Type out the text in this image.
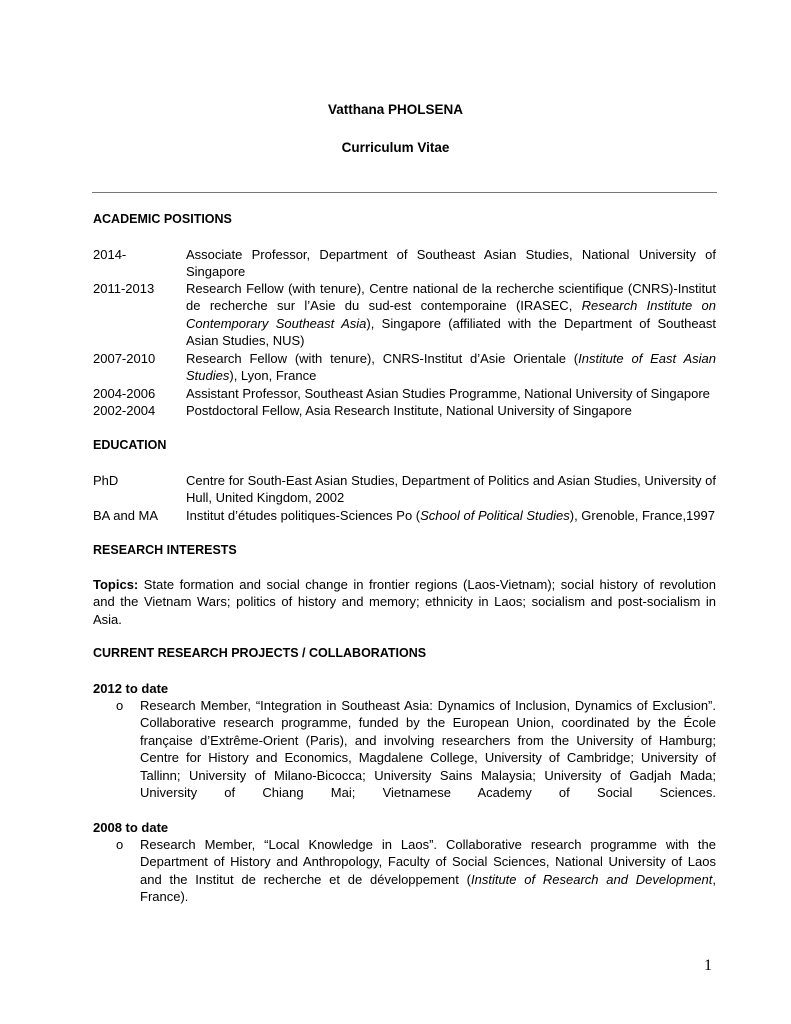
Vatthana PHOLSENA
Curriculum Vitae
ACADEMIC POSITIONS
2014-	Associate Professor, Department of Southeast Asian Studies, National University of Singapore
2011-2013	Research Fellow (with tenure), Centre national de la recherche scientifique (CNRS)-Institut de recherche sur l’Asie du sud-est contemporaine (IRASEC, Research Institute on Contemporary Southeast Asia), Singapore (affiliated with the Department of Southeast Asian Studies, NUS)
2007-2010	Research Fellow (with tenure), CNRS-Institut d’Asie Orientale (Institute of East Asian Studies), Lyon, France
2004-2006	Assistant Professor, Southeast Asian Studies Programme, National University of Singapore
2002-2004	Postdoctoral Fellow, Asia Research Institute, National University of Singapore
EDUCATION
PhD	Centre for South-East Asian Studies, Department of Politics and Asian Studies, University of Hull, United Kingdom, 2002
BA and MA	Institut d’études politiques-Sciences Po (School of Political Studies), Grenoble, France,1997
RESEARCH INTERESTS
Topics: State formation and social change in frontier regions (Laos-Vietnam); social history of revolution and the Vietnam Wars; politics of history and memory; ethnicity in Laos; socialism and post-socialism in Asia.
CURRENT RESEARCH PROJECTS / COLLABORATIONS
2012 to date
o Research Member, “Integration in Southeast Asia: Dynamics of Inclusion, Dynamics of Exclusion”. Collaborative research programme, funded by the European Union, coordinated by the École française d’Extrême-Orient (Paris), and involving researchers from the University of Hamburg; Centre for History and Economics, Magdalene College, University of Cambridge; University of Tallinn; University of Milano-Bicocca; University Sains Malaysia; University of Gadjah Mada; University of Chiang Mai; Vietnamese Academy of Social Sciences.
2008 to date
o Research Member, “Local Knowledge in Laos”. Collaborative research programme with the Department of History and Anthropology, Faculty of Social Sciences, National University of Laos and the Institut de recherche et de développement (Institute of Research and Development, France).
1
